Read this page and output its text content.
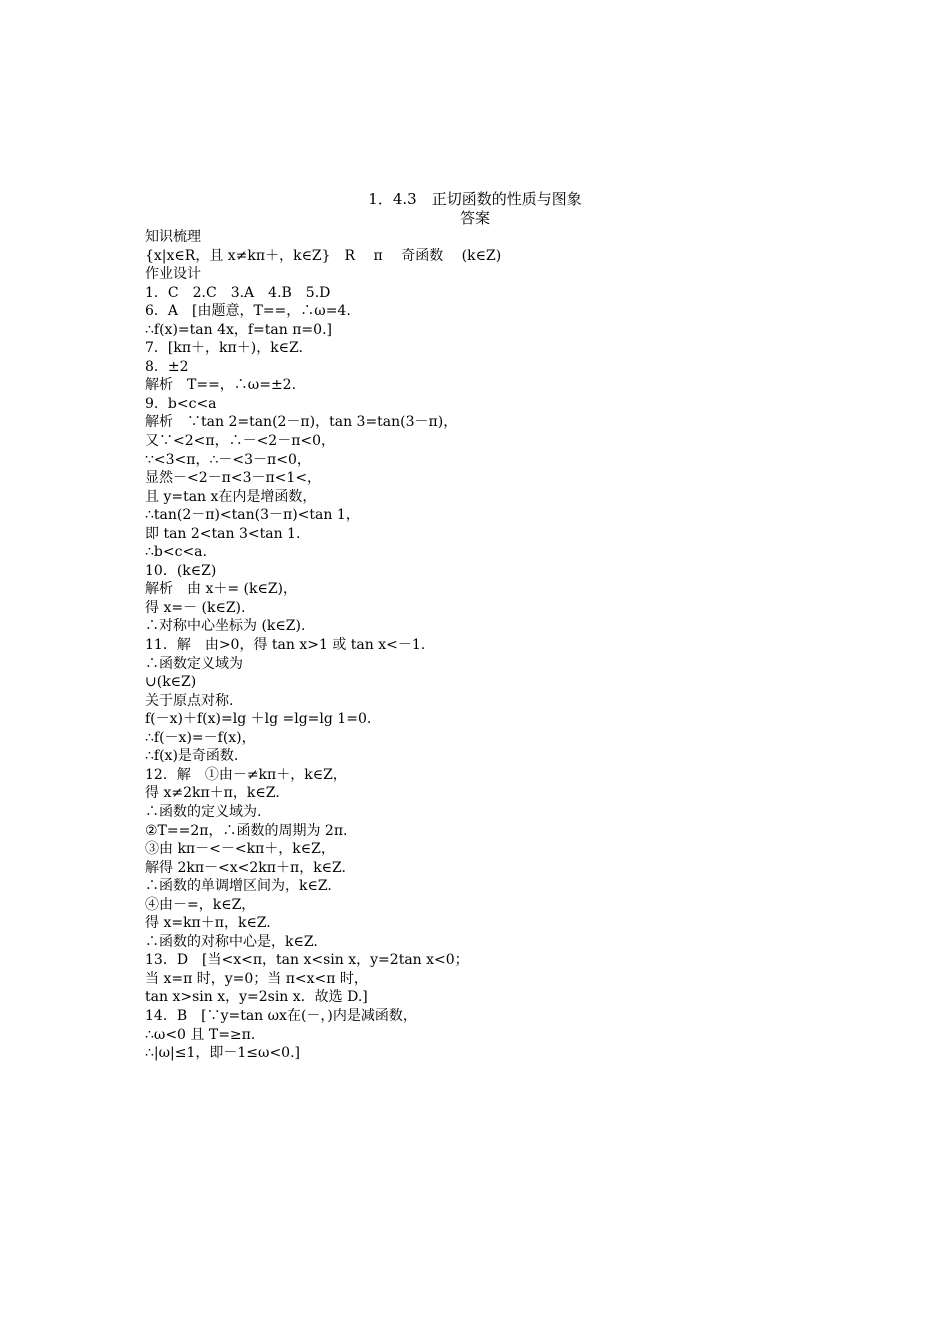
1．4.3　正切函数的性质与图象
答案
知识梳理
{x|x∈R，且 x≠kπ＋，k∈Z}　R　 π　 奇函数　 (k∈Z)
作业设计
1．C　2.C　3.A　4.B　5.D
6．A　[由题意，T==，∴ω=4.
∴f(x)=tan 4x，f=tan π=0.]
7．[kπ＋，kπ＋)，k∈Z.
8．±2
解析　T==，∴ω=±2.
9．b<c<a
解析　∵tan 2=tan(2－π)，tan 3=tan(3－π)，
又∵<2<π，∴－<2－π<0，
∵<3<π，∴－<3－π<0，
显然－<2－π<3－π<1<，
且 y=tan x在内是增函数，
∴tan(2－π)<tan(3－π)<tan 1，
即 tan 2<tan 3<tan 1.
∴b<c<a.
10．(k∈Z)
解析　由 x＋= (k∈Z)，
得 x=－ (k∈Z).
∴对称中心坐标为 (k∈Z).
11．解　由>0，得 tan x>1 或 tan x<－1.
∴函数定义域为
∪(k∈Z)
关于原点对称.
f(－x)＋f(x)=lg ＋lg =lg=lg 1=0.
∴f(－x)=－f(x)，
∴f(x)是奇函数.
12．解　①由－≠kπ＋，k∈Z，
得 x≠2kπ＋π，k∈Z.
∴函数的定义域为.
②T==2π，∴函数的周期为 2π.
③由 kπ－<－<kπ＋，k∈Z，
解得 2kπ－<x<2kπ＋π，k∈Z.
∴函数的单调增区间为，k∈Z.
④由－=，k∈Z，
得 x=kπ＋π，k∈Z.
∴函数的对称中心是，k∈Z.
13．D　[当<x<π，tan x<sin x，y=2tan x<0；
当 x=π 时，y=0；当 π<x<π 时，
tan x>sin x，y=2sin x．故选 D.]
14．B　[∵y=tan ωx在(－，)内是减函数，
∴ω<0 且 T=≥π.
∴|ω|≤1，即－1≤ω<0.]
